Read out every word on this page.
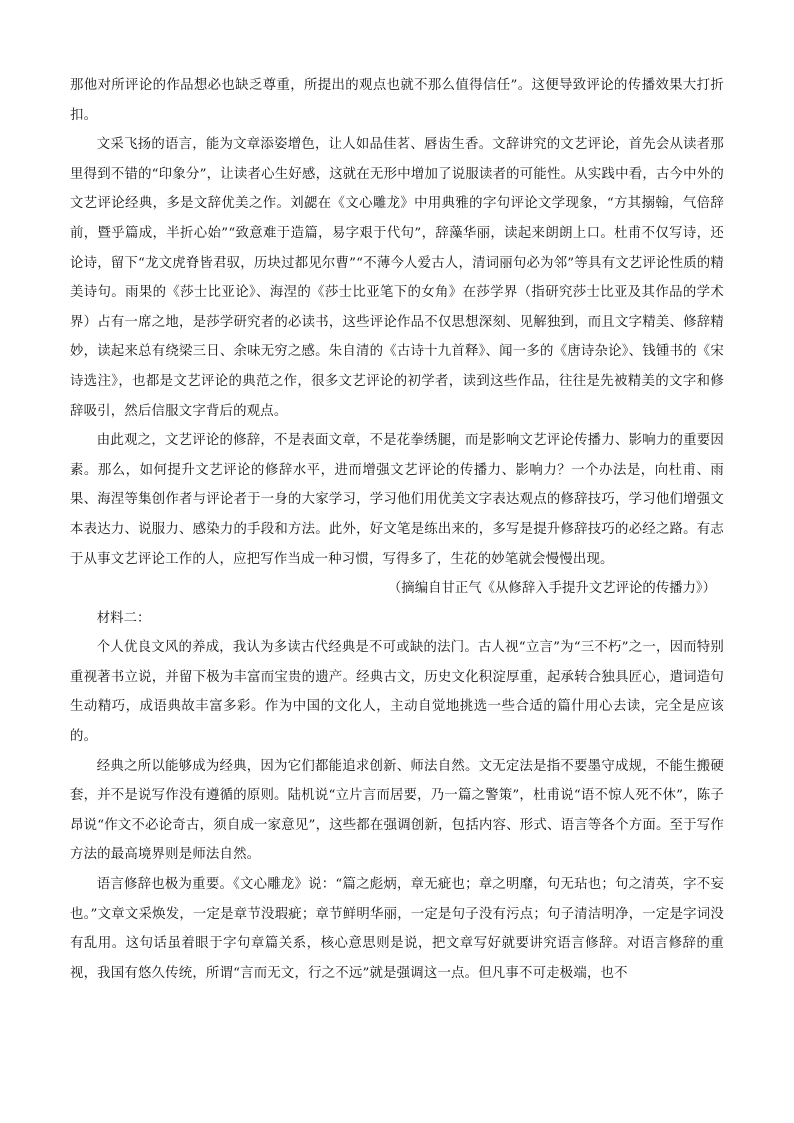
那他对所评论的作品想必也缺乏尊重，所提出的观点也就不那么值得信任”。这便导致评论的传播效果大打折扣。

文采飞扬的语言，能为文章添姿增色，让人如品佳茗、唇齿生香。文辞讲究的文艺评论，首先会从读者那里得到不错的“印象分”，让读者心生好感，这就在无形中增加了说服读者的可能性。从实践中看，古今中外的文艺评论经典，多是文辞优美之作。刘勰在《文心雕龙》中用典雅的字句评论文学现象，“方其搦翰，气倍辞前，暨乎篇成，半折心始”“致意难于造篇，易字艰于代句”，辞藻华丽，读起来朗朗上口。杜甫不仅写诗，还论诗，留下“龙文虎脊皆君驭，历块过都见尔曹”“不薄今人爱古人，清词丽句必为邻”等具有文艺评论性质的精美诗句。雨果的《莎士比亚论》、海涅的《莎士比亚笔下的女角》在莎学界（指研究莎士比亚及其作品的学术界）占有一席之地，是莎学研究者的必读书，这些评论作品不仅思想深刻、见解独到，而且文字精美、修辞精妙，读起来总有绕梁三日、余味无穷之感。朱自清的《古诗十九首释》、闻一多的《唐诗杂论》、钱锺书的《宋诗选注》，也都是文艺评论的典范之作，很多文艺评论的初学者，读到这些作品，往往是先被精美的文字和修辞吸引，然后信服文字背后的观点。

由此观之，文艺评论的修辞，不是表面文章，不是花拳绣腿，而是影响文艺评论传播力、影响力的重要因素。那么，如何提升文艺评论的修辞水平，进而增强文艺评论的传播力、影响力？一个办法是，向杜甫、雨果、海涅等集创作者与评论者于一身的大家学习，学习他们用优美文字表达观点的修辞技巧，学习他们增强文本表达力、说服力、感染力的手段和方法。此外，好文笔是练出来的，多写是提升修辞技巧的必经之路。有志于从事文艺评论工作的人，应把写作当成一种习惯，写得多了，生花的妙笔就会慢慢出现。

（摘编自甘正气《从修辞入手提升文艺评论的传播力》）

材料二：

个人优良文风的养成，我认为多读古代经典是不可或缺的法门。古人视“立言”为“三不朽”之一，因而特别重视著书立说，并留下极为丰富而宝贵的遗产。经典古文，历史文化积淀厚重，起承转合独具匠心，遣词造句生动精巧，成语典故丰富多彩。作为中国的文化人，主动自觉地挑选一些合适的篇什用心去读，完全是应该的。

经典之所以能够成为经典，因为它们都能追求创新、师法自然。文无定法是指不要墨守成规，不能生搬硬套，并不是说写作没有遵循的原则。陆机说“立片言而居要，乃一篇之警策”，杜甫说“语不惊人死不休”，陈子昂说“作文不必论奇古，须自成一家意见”，这些都在强调创新，包括内容、形式、语言等各个方面。至于写作方法的最高境界则是师法自然。

语言修辞也极为重要。《文心雕龙》说：“篇之彪炳，章无疵也；章之明靡，句无玷也；句之清英，字不妄也。”文章文采焕发，一定是章节没瑕疵；章节鲜明华丽，一定是句子没有污点；句子清洁明净，一定是字词没有乱用。这句话虽着眼于字句章篇关系，核心意思则是说，把文章写好就要讲究语言修辞。对语言修辞的重视，我国有悠久传统，所谓“言而无文，行之不远”就是强调这一点。但凡事不可走极端，也不
